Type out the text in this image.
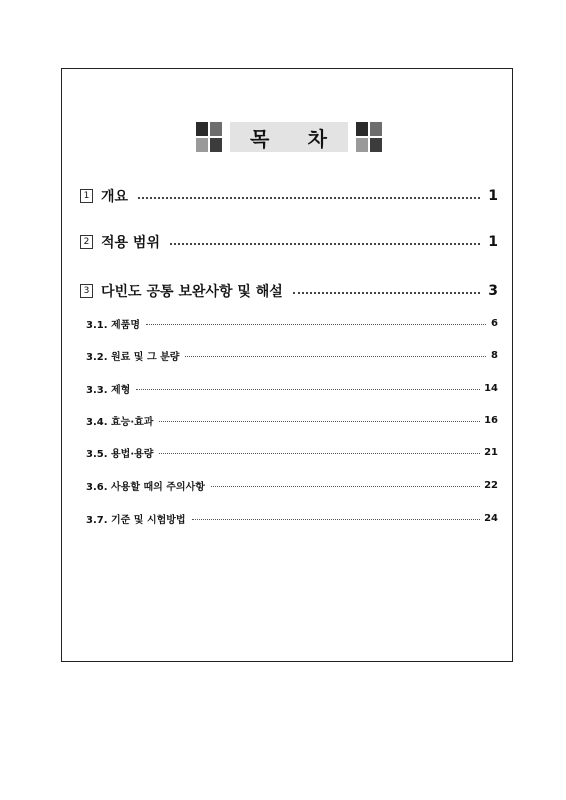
목 차
1 개요	1
2 적용 범위	1
3 다빈도 공통 보완사항 및 해설	3
3.1. 제품명	6
3.2. 원료 및 그 분량	8
3.3. 제형	14
3.4. 효능·효과	16
3.5. 용법·용량	21
3.6. 사용할 때의 주의사항	22
3.7. 기준 및 시험방법	24
